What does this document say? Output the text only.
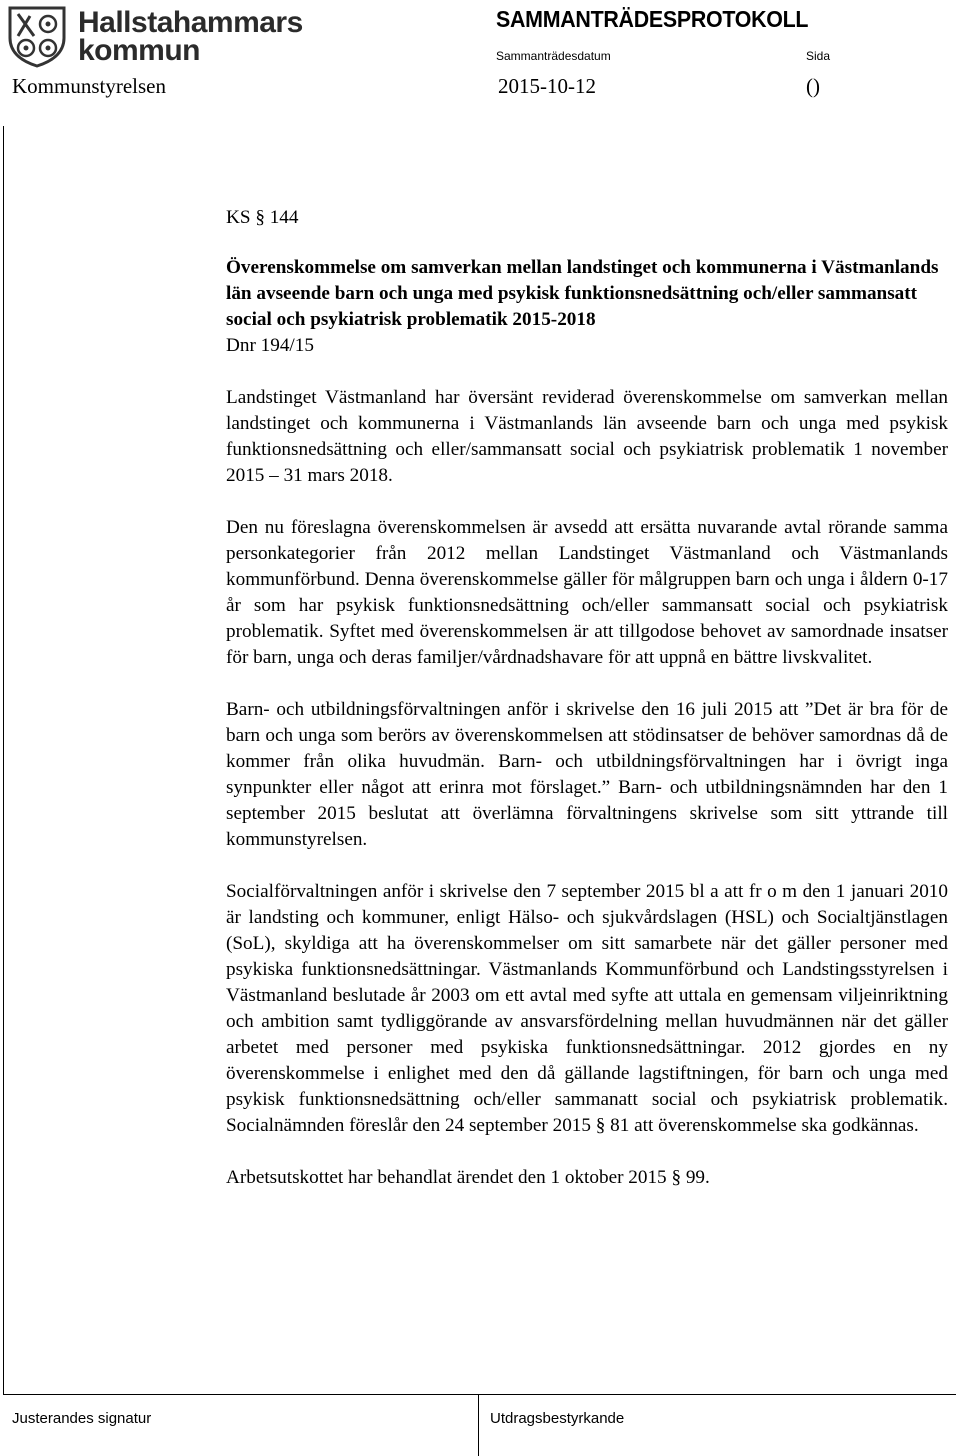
Hallstahammars
kommun
SAMMANTRÄDESPROTOKOLL
Sammanträdesdatum	Sida
Kommunstyrelsen	2015-10-12	()

KS § 144

Överenskommelse om samverkan mellan landstinget och kommunerna i Västmanlands län avseende barn och unga med psykisk funktionsnedsättning och/eller sammansatt social och psykiatrisk problematik 2015-2018

Dnr 194/15

Landstinget Västmanland har översänt reviderad överenskommelse om samverkan mellan landstinget och kommunerna i Västmanlands län avseende barn och unga med psykisk funktionsnedsättning och eller/sammansatt social och psykiatrisk problematik 1 november 2015 – 31 mars 2018.

Den nu föreslagna överenskommelsen är avsedd att ersätta nuvarande avtal rörande samma personkategorier från 2012 mellan Landstinget Västmanland och Västmanlands kommunförbund. Denna överenskommelse gäller för målgruppen barn och unga i åldern 0-17 år som har psykisk funktionsnedsättning och/eller sammansatt social och psykiatrisk problematik. Syftet med överenskommelsen är att tillgodose behovet av samordnade insatser för barn, unga och deras familjer/vårdnadshavare för att uppnå en bättre livskvalitet.

Barn- och utbildningsförvaltningen anför i skrivelse den 16 juli 2015 att ”Det är bra för de barn och unga som berörs av överenskommelsen att stödinsatser de behöver samordnas då de kommer från olika huvudmän. Barn- och utbildningsförvaltningen har i övrigt inga synpunkter eller något att erinra mot förslaget.” Barn- och utbildningsnämnden har den 1 september 2015 beslutat att överlämna förvaltningens skrivelse som sitt yttrande till kommunstyrelsen.

Socialförvaltningen anför i skrivelse den 7 september 2015 bl a att fr o m den 1 januari 2010 är landsting och kommuner, enligt Hälso- och sjukvårdslagen (HSL) och Socialtjänstlagen (SoL), skyldiga att ha överenskommelser om sitt samarbete när det gäller personer med psykiska funktionsnedsättningar. Västmanlands Kommunförbund och Landstingsstyrelsen i Västmanland beslutade år 2003 om ett avtal med syfte att uttala en gemensam viljeinriktning och ambition samt tydliggörande av ansvarsfördelning mellan huvudmännen när det gäller arbetet med personer med psykiska funktionsnedsättningar. 2012 gjordes en ny överenskommelse i enlighet med den då gällande lagstiftningen, för barn och unga med psykisk funktionsnedsättning och/eller sammanatt social och psykiatrisk problematik. Socialnämnden föreslår den 24 september 2015 § 81 att överenskommelse ska godkännas.

Arbetsutskottet har behandlat ärendet den 1 oktober 2015 § 99.

Justerandes signatur	Utdragsbestyrkande
